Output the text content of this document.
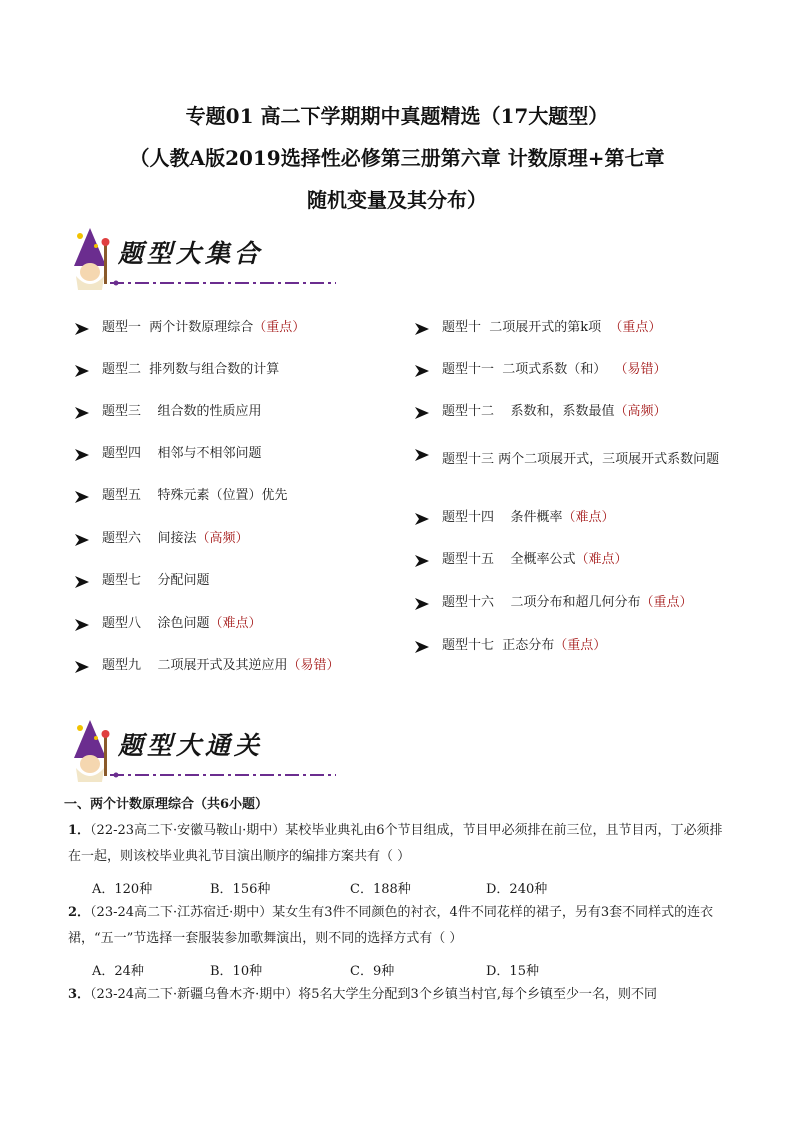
专题01 高二下学期期中真题精选（17大题型）
（人教A版2019选择性必修第三册第六章 计数原理+第七章
随机变量及其分布）
题型大集合
题型一  两个计数原理综合（重点）
题型二  排列数与组合数的计算
题型三    组合数的性质应用
题型四    相邻与不相邻问题
题型五    特殊元素（位置）优先
题型六    间接法（高频）
题型七    分配问题
题型八    涂色问题（难点）
题型九    二项展开式及其逆应用（易错）
题型十  二项展开式的第k项  （重点）
题型十一  二项式系数（和）  （易错）
题型十二    系数和，系数最值（高频）
题型十三 两个二项展开式，三项展开式系数问题
题型十四    条件概率（难点）
题型十五    全概率公式（难点）
题型十六    二项分布和超几何分布（重点）
题型十七  正态分布（重点）
题型大通关
一、两个计数原理综合（共6小题）
1．（22-23高二下·安徽马鞍山·期中）某校毕业典礼由6个节目组成，节目甲必须排在前三位，且节目丙，丁必须排在一起，则该校毕业典礼节目演出顺序的编排方案共有（ ）
A．120种	B．156种	C．188种	D．240种
2．（23-24高二下·江苏宿迁·期中）某女生有3件不同颜色的衬衣，4件不同花样的裙子，另有3套不同样式的连衣裙，“五一”节选择一套服装参加歌舞演出，则不同的选择方式有（ ）
A．24种	B．10种	C．9种	D．15种
3．（23-24高二下·新疆乌鲁木齐·期中）将5名大学生分配到3个乡镇当村官,每个乡镇至少一名，则不同
